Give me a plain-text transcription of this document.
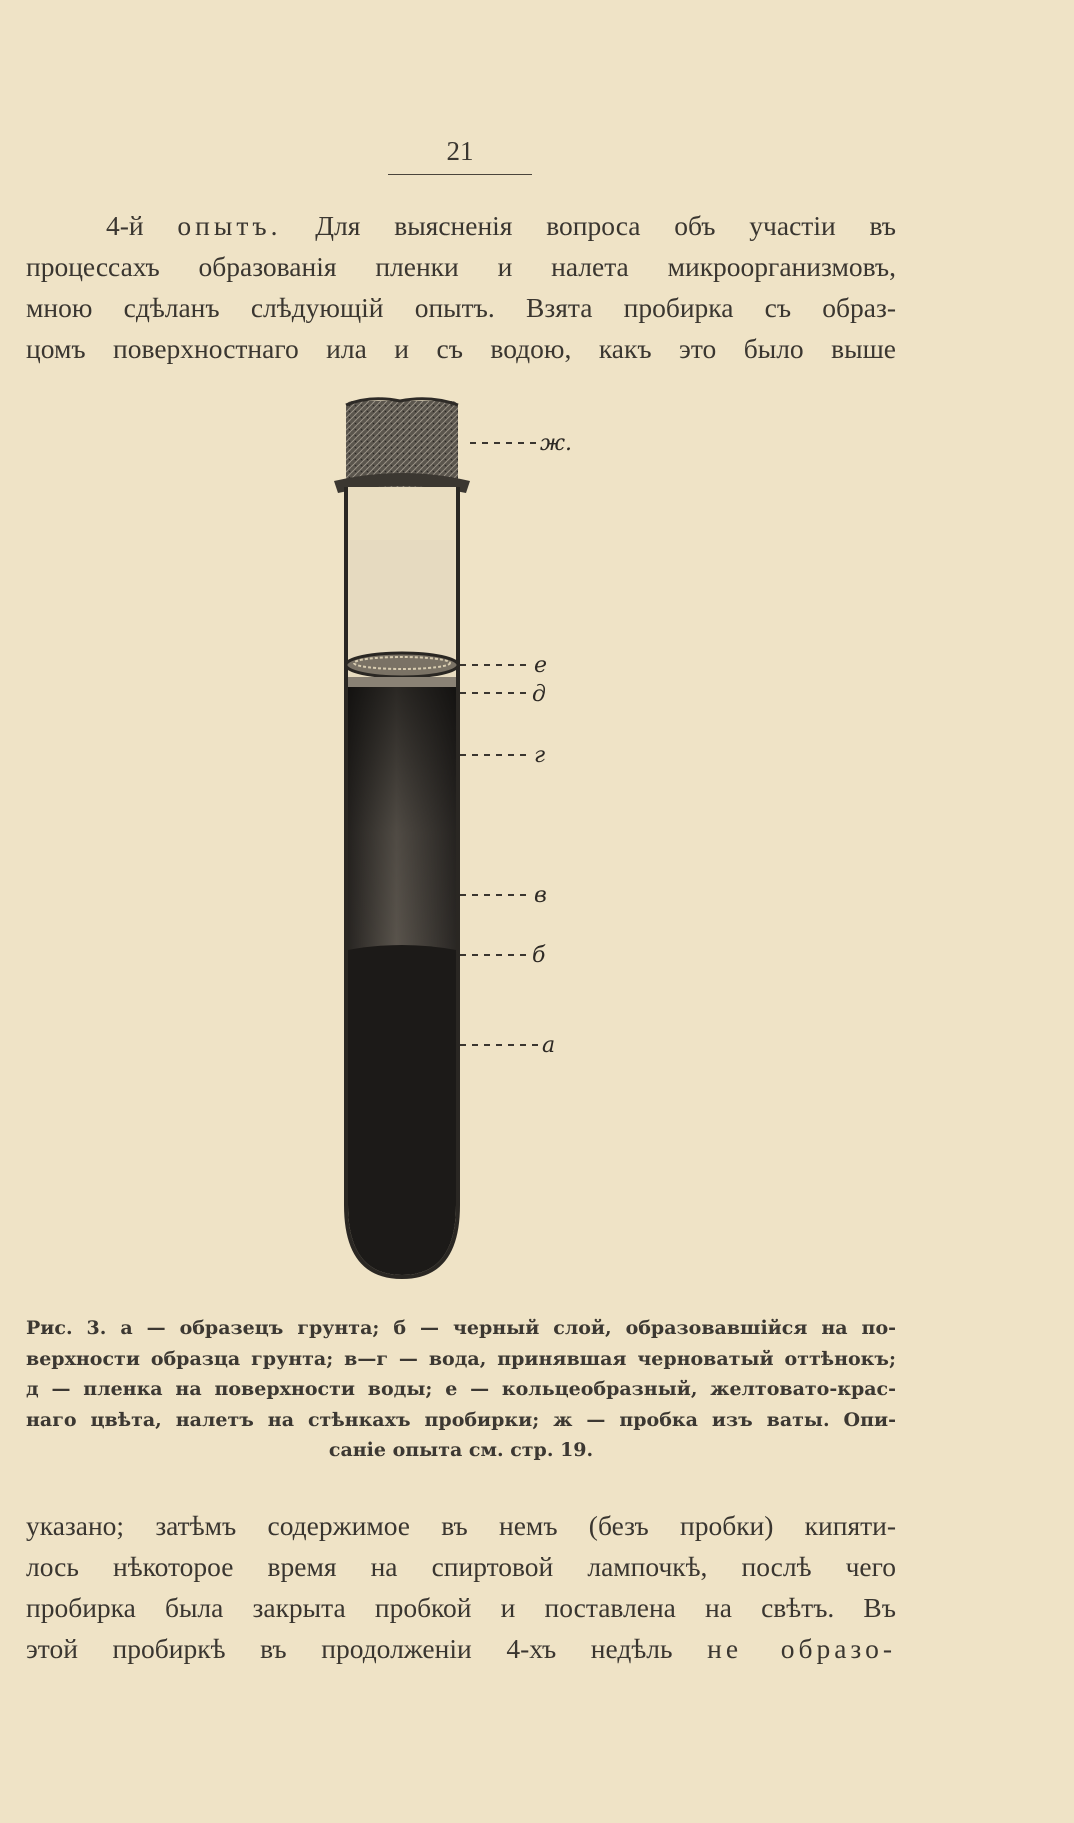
21
4-й опытъ. Для выясненія вопроса объ участіи въ
процессахъ образованія пленки и налета микроорганизмовъ,
мною сдѣланъ слѣдующій опытъ. Взята пробирка съ образ-
цомъ поверхностнаго ила и съ водою, какъ это было выше
ж.
е
д
г
в
б
а
Рис. 3. а — образецъ грунта; б — черный слой, образовавшійся на по-
верхности образца грунта; в—г — вода, принявшая черноватый оттѣнокъ;
д — пленка на поверхности воды; е — кольцеобразный, желтовато-крас-
наго цвѣта, налетъ на стѣнкахъ пробирки; ж — пробка изъ ваты. Опи-
саніе опыта см. стр. 19.
указано; затѣмъ содержимое въ немъ (безъ пробки) кипяти-
лось нѣкоторое время на спиртовой лампочкѣ, послѣ чего
пробирка была закрыта пробкой и поставлена на свѣтъ. Въ
этой пробиркѣ въ продолженіи 4-хъ недѣль не образо-
